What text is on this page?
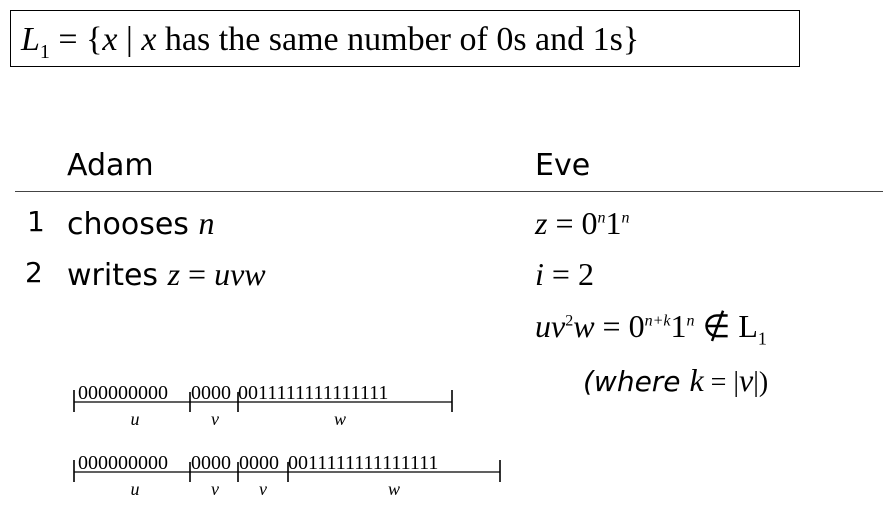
$L_1 = \{x$ | x has the same number of 0s and 1s}
Adam	Eve
1 chooses n	$z = 0^n1^n$
2 writes z = uvw	i = 2
$uv^2w = 0^{n+k}1^n$ ∉ $L_1$
(where k = |v|)
000000000 0000 0011111111111111
u	v	w
000000000 0000 0000 0011111111111111
u	v v	w
